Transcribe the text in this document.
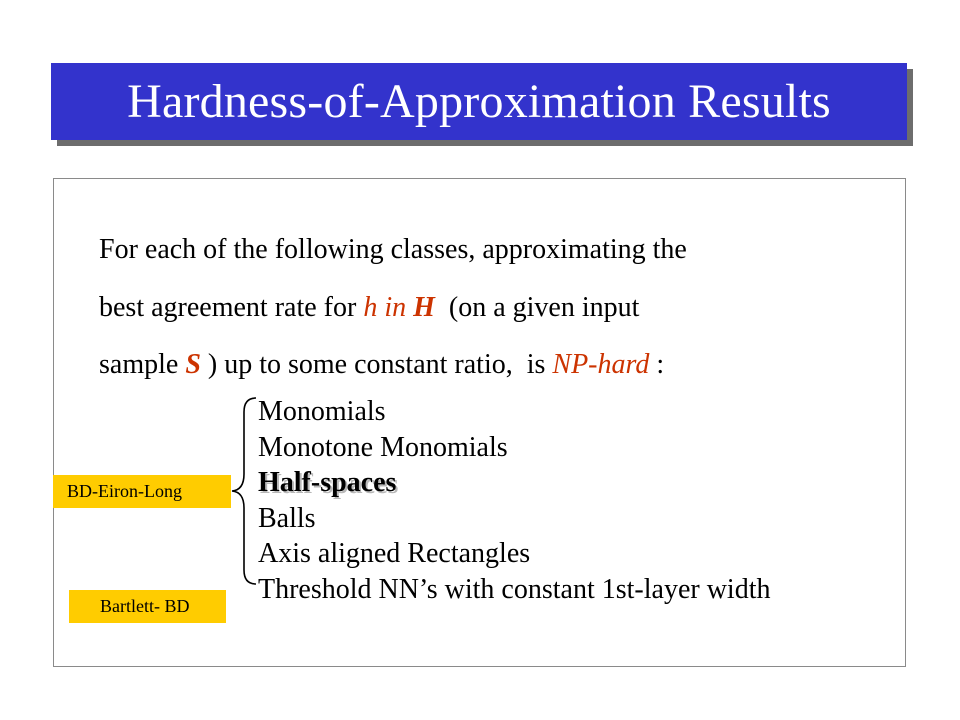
Hardness-of-Approximation Results
For each of the following classes, approximating the
best agreement rate for h in H  (on a given input
sample S ) up to some constant ratio,  is NP-hard :
Monomials
Monotone Monomials
Half-spaces
Balls
Axis aligned Rectangles
Threshold NN’s with constant 1st-layer width
BD-Eiron-Long
Bartlett- BD
